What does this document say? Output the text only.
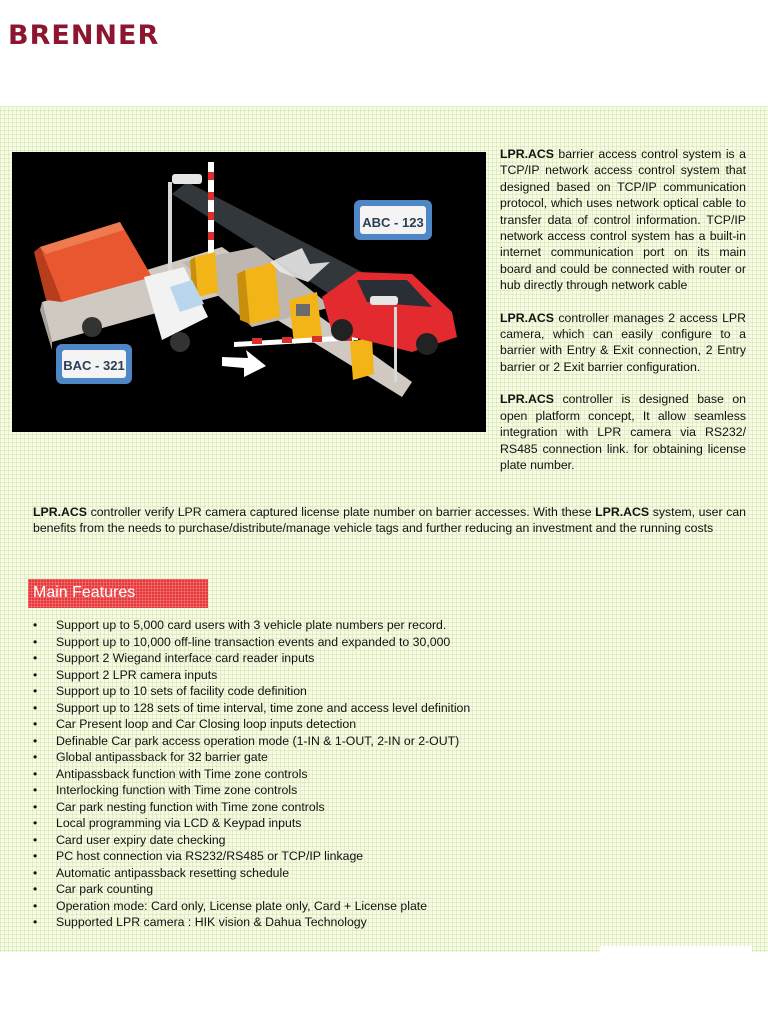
BRENNER
ABC - 123
BAC - 321

LPR.ACS barrier access control system is a TCP/IP network access control system that designed based on TCP/IP communication protocol, which uses network optical cable to transfer data of control information. TCP/IP network access control system has a built-in internet communication port on its main board and could be connected with router or hub directly through network cable

LPR.ACS controller manages 2 access LPR camera, which can easily configure to a barrier with Entry & Exit connection, 2 Entry barrier or 2 Exit barrier configuration.

LPR.ACS controller is designed base on open platform concept, It allow seamless integration with LPR camera via RS232/ RS485 connection link. for obtaining license plate number.

LPR.ACS controller verify LPR camera captured license plate number on barrier accesses. With these LPR.ACS system, user can benefits from the needs to purchase/distribute/manage vehicle tags and further reducing an investment and the running costs
Main Features
• Support up to 5,000 card users with 3 vehicle plate numbers per record.
• Support up to 10,000 off-line transaction events and expanded to 30,000
• Support 2 Wiegand interface card reader inputs
• Support 2 LPR camera inputs
• Support up to 10 sets of facility code definition
• Support up to 128 sets of time interval, time zone and access level definition
• Car Present loop and Car Closing loop inputs detection
• Definable Car park access operation mode (1-IN & 1-OUT, 2-IN or 2-OUT)
• Global antipassback for 32 barrier gate
• Antipassback function with Time zone controls
• Interlocking function with Time zone controls
• Car park nesting function with Time zone controls
• Local programming via LCD & Keypad inputs
• Card user expiry date checking
• PC host connection via RS232/RS485 or TCP/IP linkage
• Automatic antipassback resetting schedule
• Car park counting
• Operation mode: Card only, License plate only, Card + License plate
• Supported LPR camera : HIK vision & Dahua Technology
